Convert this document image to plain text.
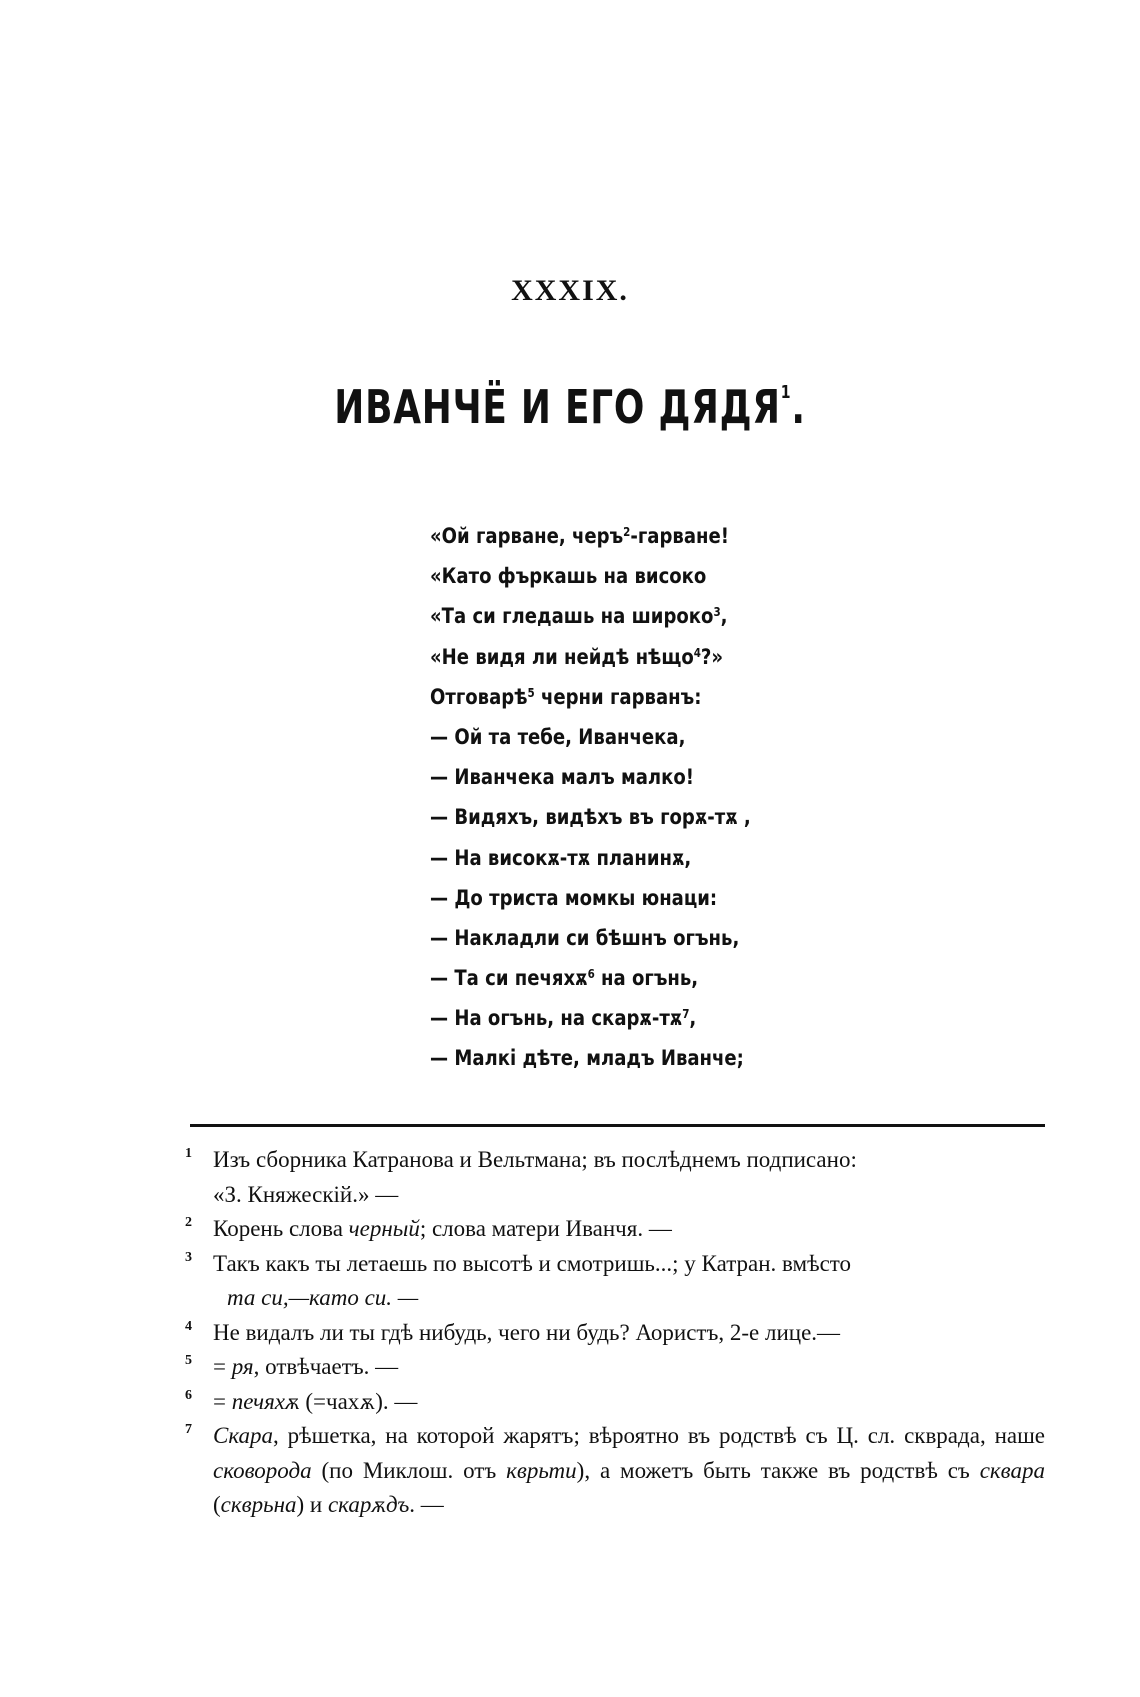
XXXIX.
ИВАНЧЁ И ЕГО ДЯДЯ$^1$.
«Ой гарване, черъ$^2$-гарване!
«Като фъркашь на високо
«Та си гледашь на широко$^3$,
«Не видя ли нейдѣ нѣщо$^4$?»
Отговарѣ$^5$ черни гарванъ:
— Ой та тебе, Иванчека,
— Иванчека малъ малко!
— Видяхъ, видѣхъ въ горѫ-тѫ ,
— На високѫ-тѫ планинѫ,
— До триста момкы юнаци:
— Накладли си бѣшнъ огънь,
— Та си печяхѫ$^6$ на огънь,
— На огънь, на скарѫ-$тѫ^7$,
— Малкі дѣте, младъ Иванче;
1 Изъ сборника Катранова и Вельтмана; въ послѣднемъ подписано:
«З. Княжескій.» —
2 Корень слова черный; слова матери Иванчя. —
3 Такъ какъ ты летаешь по высотѣ и смотришь...; у Катран. вмѣсто
та си,—като си. —
4 Не видалъ ли ты гдѣ нибудь, чего ни будь? Аористъ, 2-е лице.—
5 = ря, отвѣчаетъ. —
6 = печяхѫ (=чахѫ). —
7 Скара, рѣшетка, на которой жарятъ; вѣроятно въ родствѣ съ Ц. сл. скврада, наше сковорода (по Миклош. отъ кврьти), а можетъ быть также въ родствѣ съ сквара (скврьна) и скарѫдъ. —
